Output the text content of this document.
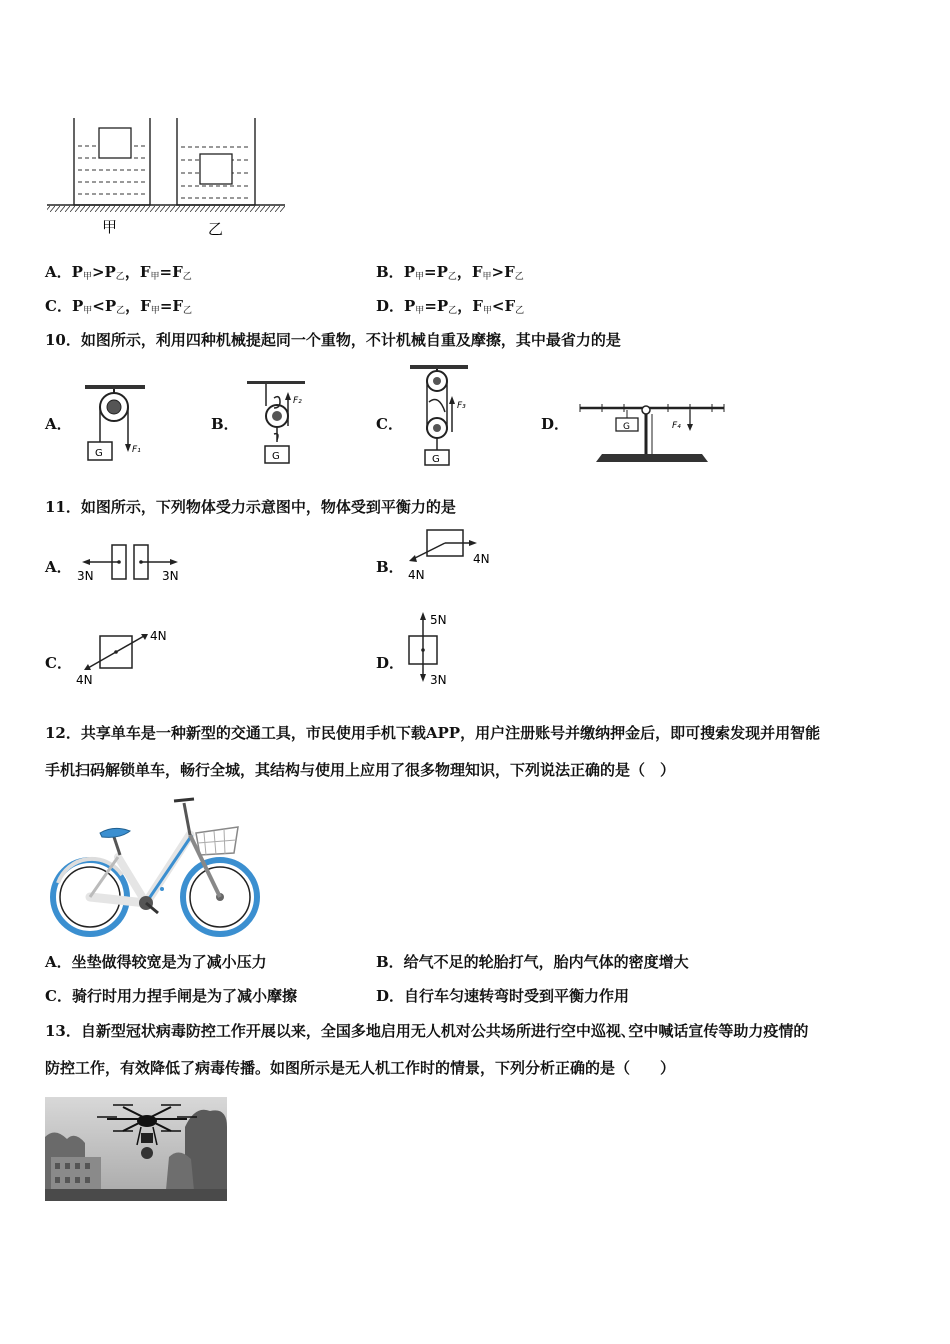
甲	乙
A．$P_甲>P_乙$，$F_甲=F_乙$	B．$P_甲=P_乙$，$F_甲>F_乙$
C．$P_甲<P_乙$，$F_甲=F_乙$	D．$P_甲=P_乙$，$F_甲<F_乙$
10．如图所示，利用四种机械提起同一个重物，不计机械自重及摩擦，其中最省力的是
A．
G	F₁
B．
G
F₂
C．
G
F₃
D．	G	F₄
11．如图所示，下列物体受力示意图中，物体受到平衡力的是
A． 3N	3N	B． 4N
4N
C．
4N
4N
D．
5N
3N
12．共享单车是一种新型的交通工具，市民使用手机下载APP，用户注册账号并缴纳押金后，即可搜索发现并用智能
手机扫码解锁单车，畅行全城，其结构与使用上应用了很多物理知识，下列说法正确的是（　）
A．坐垫做得较宽是为了减小压力	B．给气不足的轮胎打气，胎内气体的密度增大
C．骑行时用力捏手闸是为了减小摩擦	D．自行车匀速转弯时受到平衡力作用
13．自新型冠状病毒防控工作开展以来，全国多地启用无人机对公共场所进行空中巡视､空中喊话宣传等助力疫情的
防控工作，有效降低了病毒传播。如图所示是无人机工作时的情景，下列分析正确的是（　　）
